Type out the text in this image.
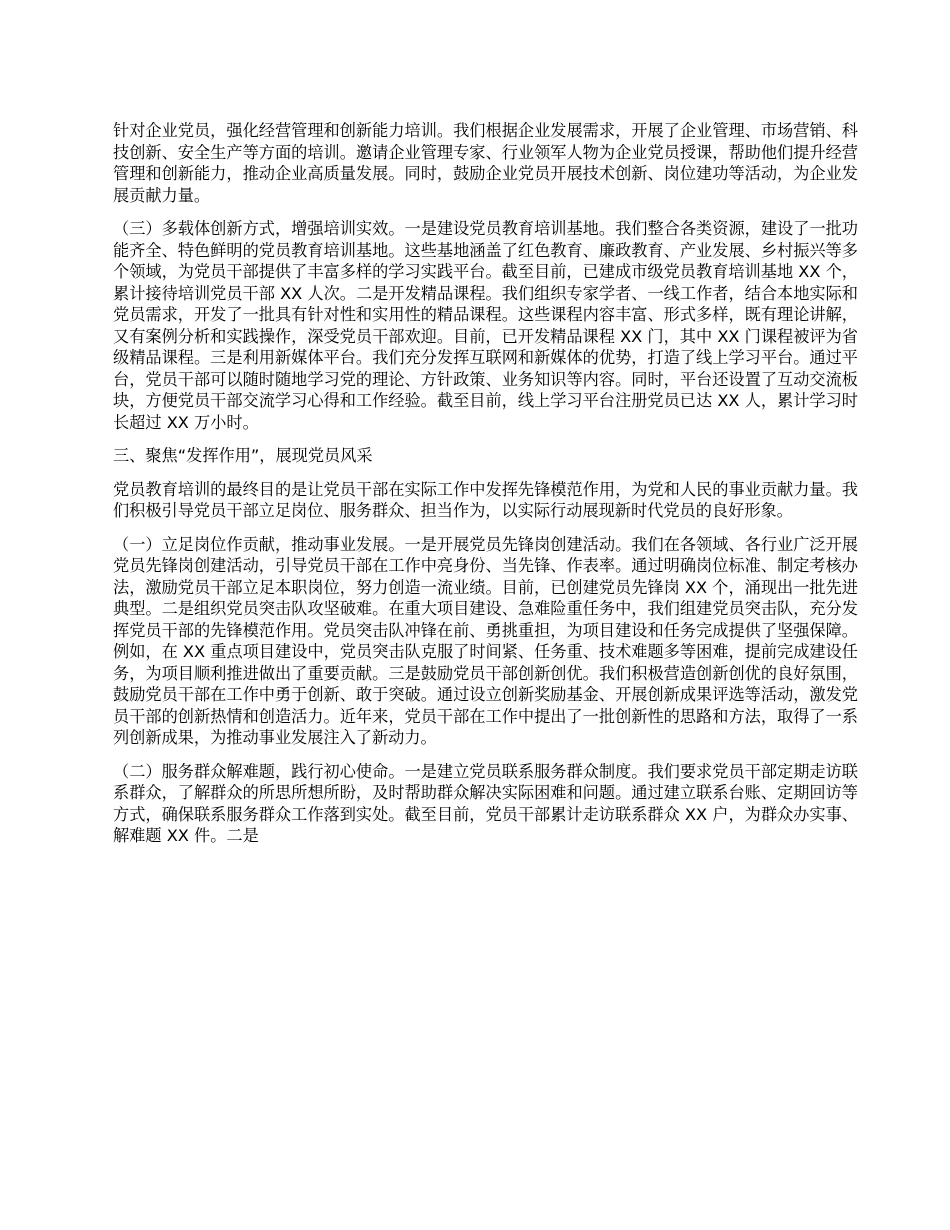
针对企业党员，强化经营管理和创新能力培训。我们根据企业发展需求，开展了企业管理、市场营销、科技创新、安全生产等方面的培训。邀请企业管理专家、行业领军人物为企业党员授课，帮助他们提升经营管理和创新能力，推动企业高质量发展。同时，鼓励企业党员开展技术创新、岗位建功等活动，为企业发展贡献力量。

（三）多载体创新方式，增强培训实效。一是建设党员教育培训基地。我们整合各类资源，建设了一批功能齐全、特色鲜明的党员教育培训基地。这些基地涵盖了红色教育、廉政教育、产业发展、乡村振兴等多个领域，为党员干部提供了丰富多样的学习实践平台。截至目前，已建成市级党员教育培训基地 XX 个，累计接待培训党员干部 XX 人次。二是开发精品课程。我们组织专家学者、一线工作者，结合本地实际和党员需求，开发了一批具有针对性和实用性的精品课程。这些课程内容丰富、形式多样，既有理论讲解，又有案例分析和实践操作，深受党员干部欢迎。目前，已开发精品课程 XX 门，其中 XX 门课程被评为省级精品课程。三是利用新媒体平台。我们充分发挥互联网和新媒体的优势，打造了线上学习平台。通过平台，党员干部可以随时随地学习党的理论、方针政策、业务知识等内容。同时，平台还设置了互动交流板块，方便党员干部交流学习心得和工作经验。截至目前，线上学习平台注册党员已达 XX 人，累计学习时长超过 XX 万小时。

三、聚焦“发挥作用”，展现党员风采

党员教育培训的最终目的是让党员干部在实际工作中发挥先锋模范作用，为党和人民的事业贡献力量。我们积极引导党员干部立足岗位、服务群众、担当作为，以实际行动展现新时代党员的良好形象。

（一）立足岗位作贡献，推动事业发展。一是开展党员先锋岗创建活动。我们在各领域、各行业广泛开展党员先锋岗创建活动，引导党员干部在工作中亮身份、当先锋、作表率。通过明确岗位标准、制定考核办法，激励党员干部立足本职岗位，努力创造一流业绩。目前，已创建党员先锋岗 XX 个，涌现出一批先进典型。二是组织党员突击队攻坚破难。在重大项目建设、急难险重任务中，我们组建党员突击队，充分发挥党员干部的先锋模范作用。党员突击队冲锋在前、勇挑重担，为项目建设和任务完成提供了坚强保障。例如，在 XX 重点项目建设中，党员突击队克服了时间紧、任务重、技术难题多等困难，提前完成建设任务，为项目顺利推进做出了重要贡献。三是鼓励党员干部创新创优。我们积极营造创新创优的良好氛围，鼓励党员干部在工作中勇于创新、敢于突破。通过设立创新奖励基金、开展创新成果评选等活动，激发党员干部的创新热情和创造活力。近年来，党员干部在工作中提出了一批创新性的思路和方法，取得了一系列创新成果，为推动事业发展注入了新动力。

（二）服务群众解难题，践行初心使命。一是建立党员联系服务群众制度。我们要求党员干部定期走访联系群众，了解群众的所思所想所盼，及时帮助群众解决实际困难和问题。通过建立联系台账、定期回访等方式，确保联系服务群众工作落到实处。截至目前，党员干部累计走访联系群众 XX 户，为群众办实事、解难题 XX 件。二是
